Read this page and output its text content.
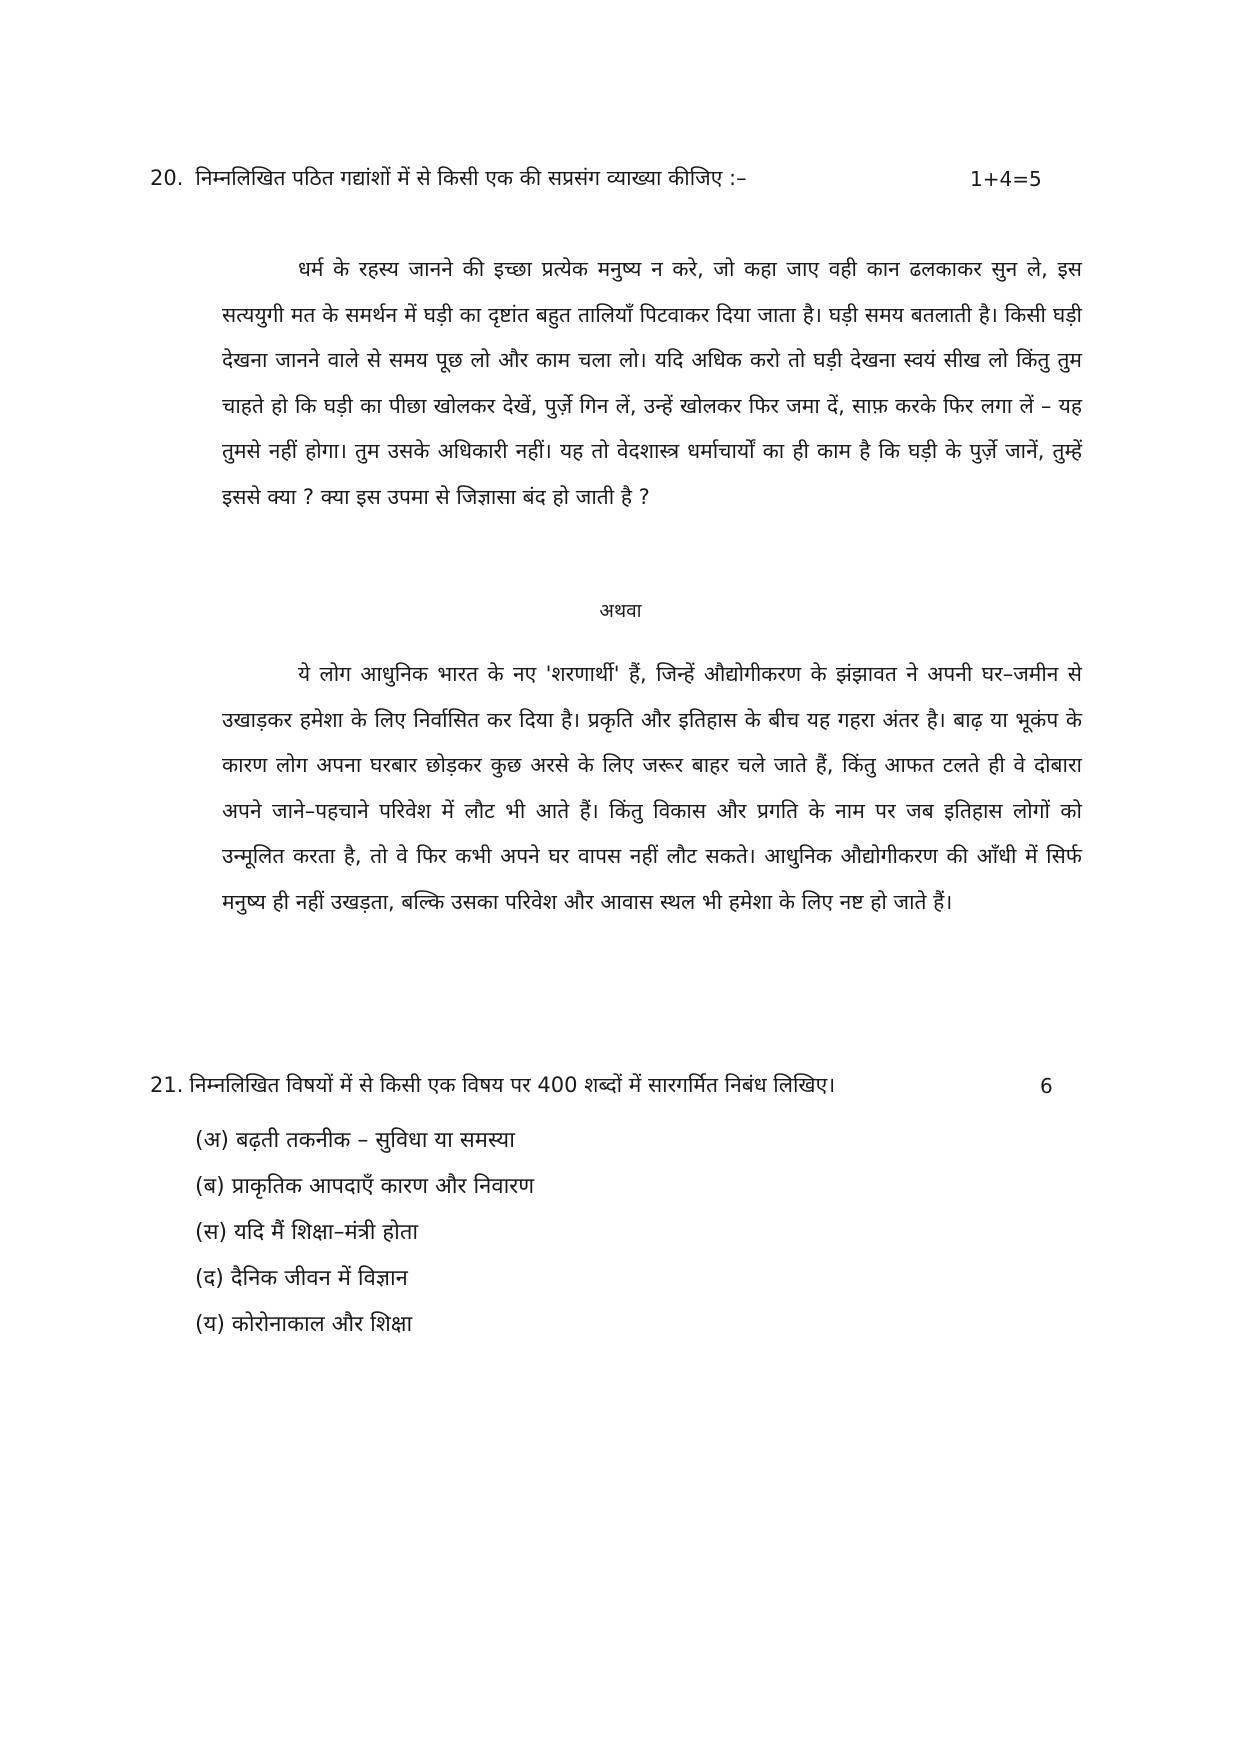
20. निम्नलिखित पठित गद्यांशों में से किसी एक की सप्रसंग व्याख्या कीजिए :–	1+4=5

धर्म के रहस्य जानने की इच्छा प्रत्येक मनुष्य न करे, जो कहा जाए वही कान ढलकाकर सुन ले, इस सत्ययुगी मत के समर्थन में घड़ी का दृष्टांत बहुत तालियाँ पिटवाकर दिया जाता है। घड़ी समय बतलाती है। किसी घड़ी देखना जानने वाले से समय पूछ लो और काम चला लो। यदि अधिक करो तो घड़ी देखना स्वयं सीख लो किंतु तुम चाहते हो कि घड़ी का पीछा खोलकर देखें, पुर्ज़े गिन लें, उन्हें खोलकर फिर जमा दें, साफ़ करके फिर लगा लें – यह तुमसे नहीं होगा। तुम उसके अधिकारी नहीं। यह तो वेदशास्त्र धर्माचार्यों का ही काम है कि घड़ी के पुर्ज़े जानें, तुम्हें इससे क्या ? क्या इस उपमा से जिज्ञासा बंद हो जाती है ?

अथवा

ये लोग आधुनिक भारत के नए 'शरणार्थी' हैं, जिन्हें औद्योगीकरण के झंझावत ने अपनी घर–जमीन से उखाड़कर हमेशा के लिए निर्वासित कर दिया है। प्रकृति और इतिहास के बीच यह गहरा अंतर है। बाढ़ या भूकंप के कारण लोग अपना घरबार छोड़कर कुछ अरसे के लिए जरूर बाहर चले जाते हैं, किंतु आफत टलते ही वे दोबारा अपने जाने–पहचाने परिवेश में लौट भी आते हैं। किंतु विकास और प्रगति के नाम पर जब इतिहास लोगों को उन्मूलित करता है, तो वे फिर कभी अपने घर वापस नहीं लौट सकते। आधुनिक औद्योगीकरण की आँधी में सिर्फ मनुष्य ही नहीं उखड़ता, बल्कि उसका परिवेश और आवास स्थल भी हमेशा के लिए नष्ट हो जाते हैं।

21. निम्नलिखित विषयों में से किसी एक विषय पर 400 शब्दों में सारगर्मित निबंध लिखिए।	6
(अ) बढ़ती तकनीक – सुविधा या समस्या
(ब) प्राकृतिक आपदाएँ कारण और निवारण
(स) यदि मैं शिक्षा–मंत्री होता
(द) दैनिक जीवन में विज्ञान
(य) कोरोनाकाल और शिक्षा
